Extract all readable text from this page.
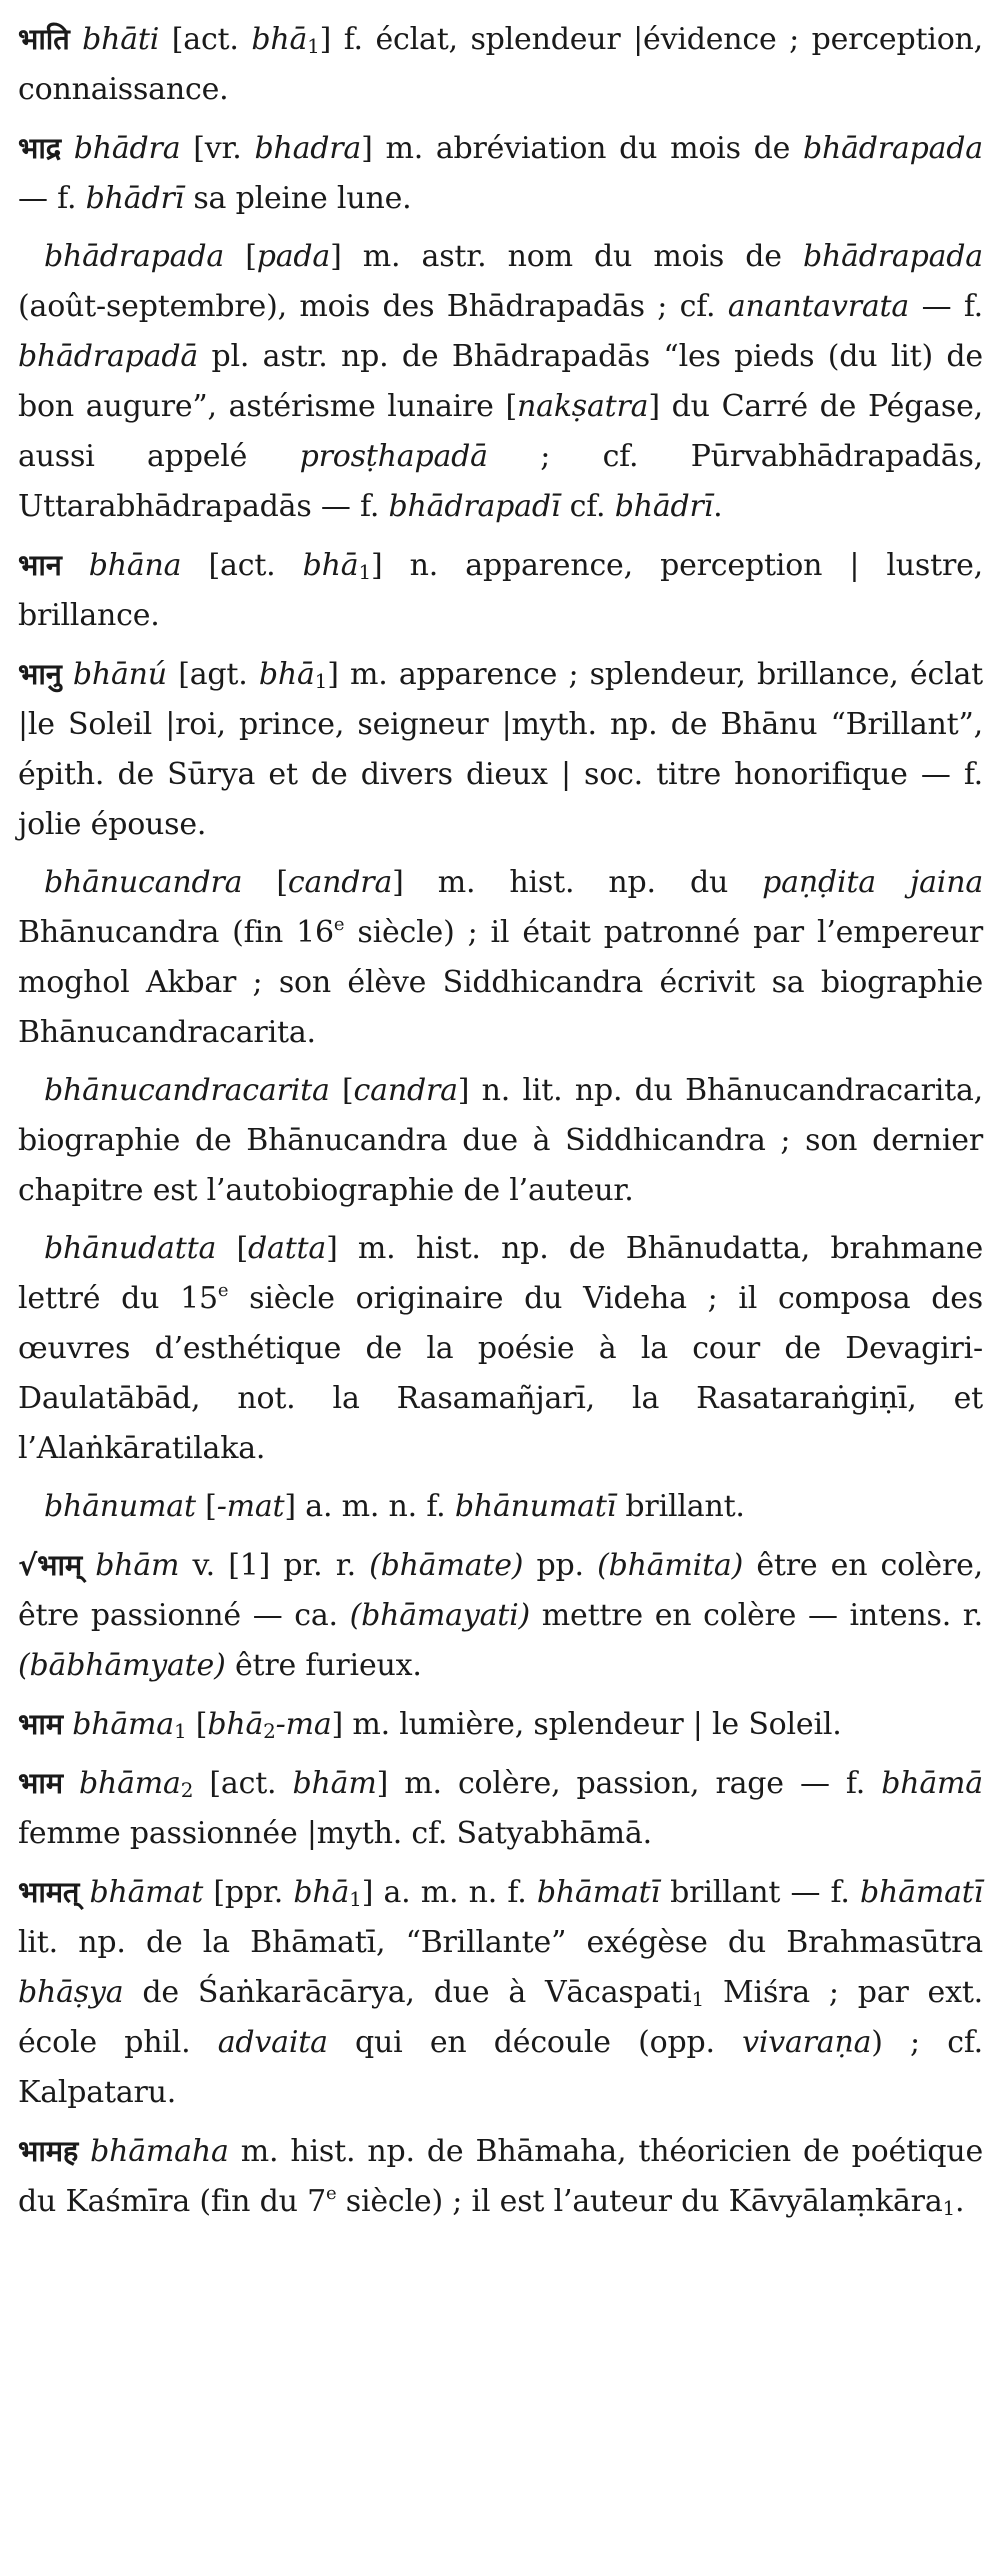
भाति bhāti [act. bhā$_1$] f. éclat, splendeur |évidence ; perception, connaissance.

भाद्र bhādra [vr. bhadra] m. abréviation du mois de bhādrapada — f. bhādrī sa pleine lune.

bhādrapada [pada] m. astr. nom du mois de bhādrapada (août-septembre), mois des Bhādrapadās ; cf. anantavrata — f. bhādrapadā pl. astr. np. de Bhādrapadās “les pieds (du lit) de bon augure”, astérisme lunaire [nakṣatra] du Carré de Pégase, aussi appelé prosṭhapadā ; cf. Pūrvabhādrapadās, Uttarabhādrapadās — f. bhādrapadī cf. bhādrī.

भान bhāna [act. bhā$_1$] n. apparence, perception | lustre, brillance.

भानु bhānú [agt. bhā$_1$] m. apparence ; splendeur, brillance, éclat |le Soleil |roi, prince, seigneur |myth. np. de Bhānu “Brillant”, épith. de Sūrya et de divers dieux | soc. titre honorifique — f. jolie épouse.

bhānucandra [candra] m. hist. np. du paṇḍita jaina Bhānucandra (fin 16e siècle) ; il était patronné par l’empereur moghol Akbar ; son élève Siddhicandra écrivit sa biographie Bhānucandracarita.

bhānucandracarita [candra] n. lit. np. du Bhānucandracarita, biographie de Bhānucandra due à Siddhicandra ; son dernier chapitre est l’autobiographie de l’auteur.

bhānudatta [datta] m. hist. np. de Bhānudatta, brahmane lettré du 15e siècle originaire du Videha ; il composa des œuvres d’esthétique de la poésie à la cour de Devagiri-Daulatābād, not. la Rasamañjarī, la Rasataraṅgiṇī, et l’Alaṅkāratilaka.

bhānumat [-mat] a. m. n. f. bhānumatī brillant.

√भाम् bhām v. [1] pr. r. (bhāmate) pp. (bhāmita) être en colère, être passionné — ca. (bhāmayati) mettre en colère — intens. r. (bābhāmyate) être furieux.

भाम bhāma$_1$ [bhā$_2$-ma] m. lumière, splendeur | le Soleil.

भाम bhāma$_2$ [act. bhām] m. colère, passion, rage — f. bhāmā femme passionnée |myth. cf. Satyabhāmā.

भामत् bhāmat [ppr. bhā$_1$] a. m. n. f. bhāmatī brillant — f. bhāmatī lit. np. de la Bhāmatī, “Brillante” exégèse du Brahmasūtra bhāṣya de Śaṅkarācārya, due à Vācaspati$_1$ Miśra ; par ext. école phil. advaita qui en découle (opp. vivaraṇa) ; cf. Kalpataru.

भामह bhāmaha m. hist. np. de Bhāmaha, théoricien de poétique du Kaśmīra (fin du 7e siècle) ; il est l’auteur du Kāvyālaṃkāra$_1$.
